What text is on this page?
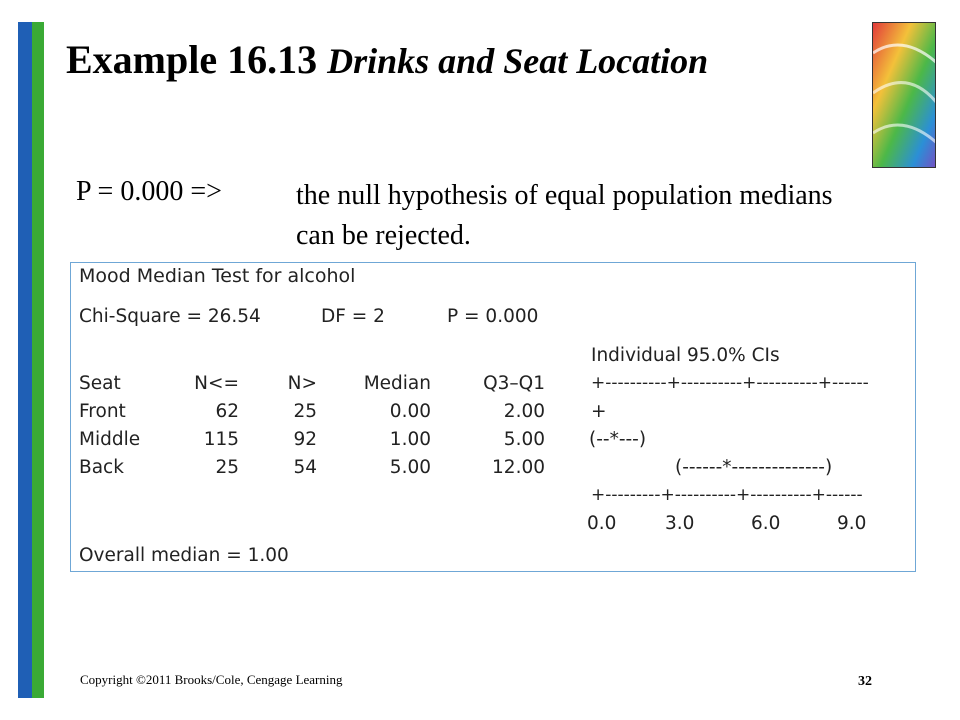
Example 16.13 Drinks and Seat Location
P = 0.000 =>	the null hypothesis of equal population medians can be rejected.
Mood Median Test for alcohol
Chi-Square = 26.54	DF = 2	P = 0.000
Individual 95.0% CIs
Seat	N<=	N>	Median	Q3–Q1	+----------+----------+----------+------
Front	62	25	0.00	2.00 +
Middle	115	92	1.00	5.00 (--*---)
Back	25	54	5.00	12.00	(------*--------------)
+---------+----------+----------+------
0.0	3.0	6.0	9.0
Overall median = 1.00
Copyright ©2011 Brooks/Cole, Cengage Learning	32
